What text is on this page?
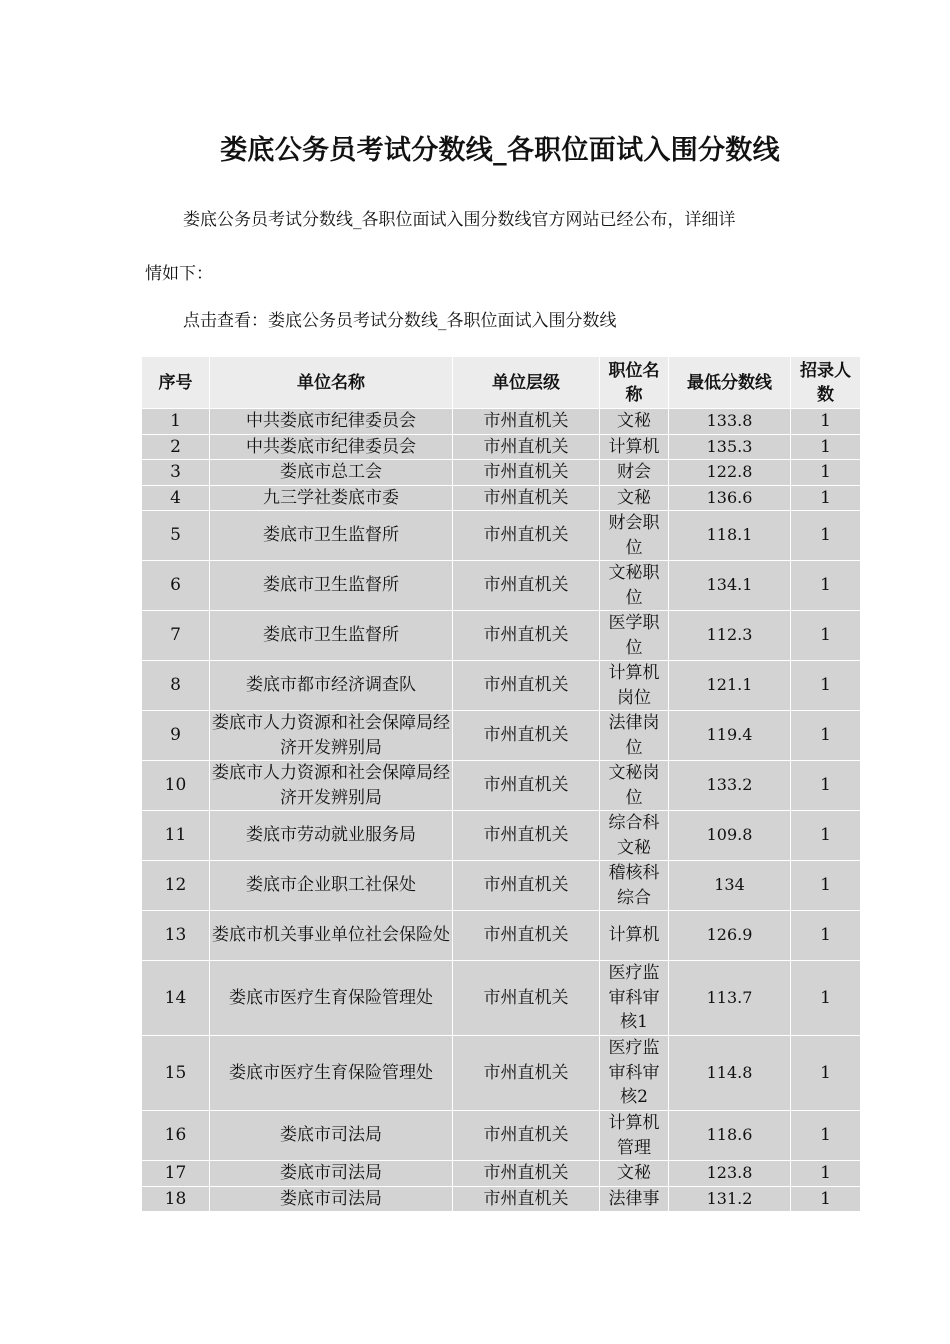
娄底公务员考试分数线_各职位面试入围分数线

娄底公务员考试分数线_各职位面试入围分数线官方网站已经公布，详细详

情如下：

点击查看：娄底公务员考试分数线_各职位面试入围分数线

序号	单位名称	单位层级	职位名称	最低分数线	招录人数
1	中共娄底市纪律委员会	市州直机关	文秘	133.8	1
2	中共娄底市纪律委员会	市州直机关	计算机	135.3	1
3	娄底市总工会	市州直机关	财会	122.8	1
4	九三学社娄底市委	市州直机关	文秘	136.6	1
5	娄底市卫生监督所	市州直机关	财会职位	118.1	1
6	娄底市卫生监督所	市州直机关	文秘职位	134.1	1
7	娄底市卫生监督所	市州直机关	医学职位	112.3	1
8	娄底市都市经济调查队	市州直机关	计算机岗位	121.1	1
9	娄底市人力资源和社会保障局经济开发辨别局	市州直机关	法律岗位	119.4	1
10	娄底市人力资源和社会保障局经济开发辨别局	市州直机关	文秘岗位	133.2	1
11	娄底市劳动就业服务局	市州直机关	综合科文秘	109.8	1
12	娄底市企业职工社保处	市州直机关	稽核科综合	134	1
13	娄底市机关事业单位社会保险处	市州直机关	计算机	126.9	1
14	娄底市医疗生育保险管理处	市州直机关	医疗监审科审核1	113.7	1
15	娄底市医疗生育保险管理处	市州直机关	医疗监审科审核2	114.8	1
16	娄底市司法局	市州直机关	计算机管理	118.6	1
17	娄底市司法局	市州直机关	文秘	123.8	1
18	娄底市司法局	市州直机关	法律事	131.2	1
